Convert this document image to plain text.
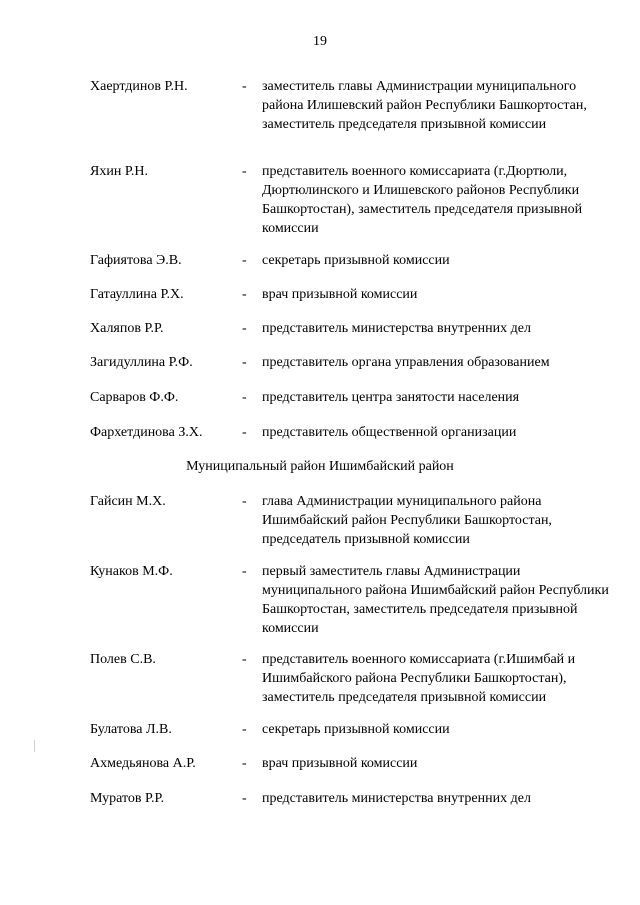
19
Хаертдинов Р.Н.	- заместитель главы Администрации муниципального района Илишевский район Республики Башкортостан, заместитель председателя призывной комиссии
Яхин Р.Н.	- представитель военного комиссариата (г.Дюртюли, Дюртюлинского и Илишевского районов Республики Башкортостан), заместитель председателя призывной комиссии
Гафиятова Э.В.	- секретарь призывной комиссии
Гатауллина Р.Х.	- врач призывной комиссии
Халяпов Р.Р.	- представитель министерства внутренних дел
Загидуллина Р.Ф.	- представитель органа управления образованием
Сарваров Ф.Ф.	- представитель центра занятости населения
Фархетдинова З.Х.	- представитель общественной организации
Муниципальный район Ишимбайский район
Гайсин М.Х.	- глава Администрации муниципального района Ишимбайский район Республики Башкортостан, председатель призывной комиссии
Кунаков М.Ф.	- первый заместитель главы Администрации муниципального района Ишимбайский район Республики Башкортостан, заместитель председателя призывной комиссии
Полев С.В.	- представитель военного комиссариата (г.Ишимбай и Ишимбайского района Республики Башкортостан), заместитель председателя призывной комиссии
Булатова Л.В.	- секретарь призывной комиссии
Ахмедьянова А.Р.	- врач призывной комиссии
Муратов Р.Р.	- представитель министерства внутренних дел
